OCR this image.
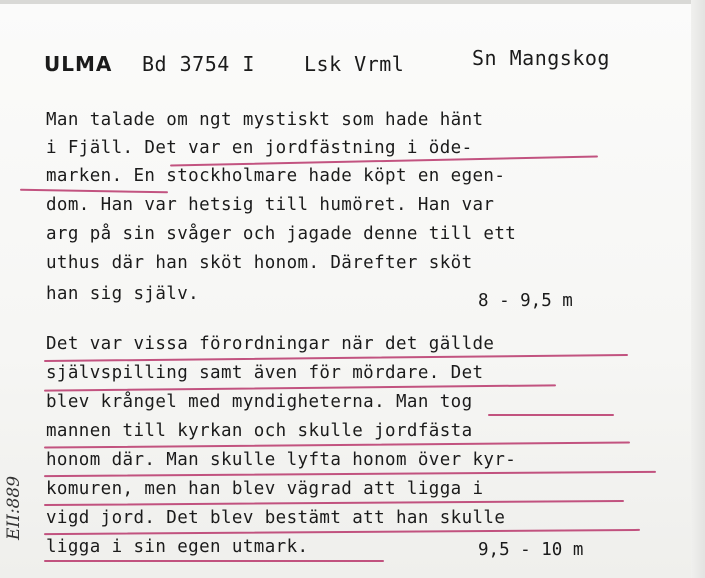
ULMA Bd 3754 I Lsk Vrml	Sn Mangskog
Man talade om ngt mystiskt som hade hänt
i Fjäll. Det var en jordfästning i öde-
marken. En stockholmare hade köpt en egen-
dom. Han var hetsig till humöret. Han var
arg på sin svåger och jagade denne till ett
uthus där han sköt honom. Därefter sköt
han sig själv.	8 - 9,5 m
Det var vissa förordningar när det gällde
självspilling samt även för mördare. Det
blev krångel med myndigheterna. Man tog
mannen till kyrkan och skulle jordfästa
honom där. Man skulle lyfta honom över kyr-
komuren, men han blev vägrad att ligga i
vigd jord. Det blev bestämt att han skulle
ligga i sin egen utmark.	9,5 - 10 m
EII:889
